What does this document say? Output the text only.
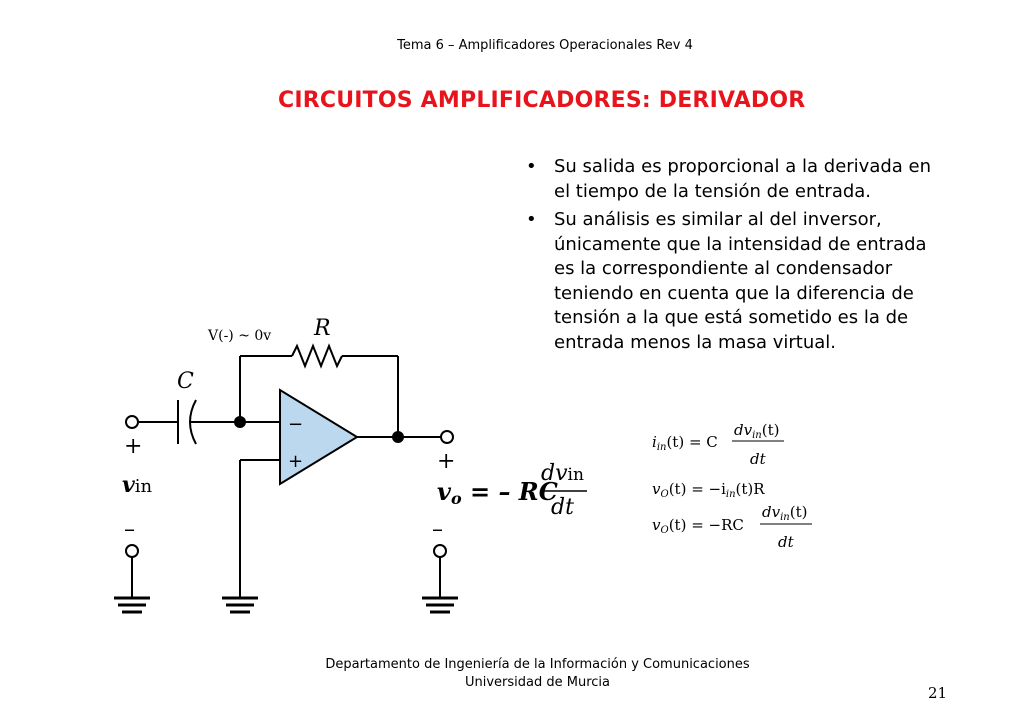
Tema 6 – Amplificadores Operacionales Rev 4
CIRCUITOS AMPLIFICADORES: DERIVADOR
• Su salida es proporcional a la derivada en el tiempo de la tensión de entrada.
• Su análisis es similar al del inversor, únicamente que la intensidad de entrada es la correspondiente al condensador teniendo en cuenta que la diferencia de tensión a la que está sometido es la de entrada menos la masa virtual.
V(-) ~ 0v R
C
−
+
+
–
vin
+
–
vo = – RC
dvin
dt
$dv_{in}(t)$
$i_{in}(t) = C$
dt
$v_O(t) = -i_{in}(t)R$
$dv_{in}(t)$
$v_O(t) = -RC$
dt
Departamento de Ingeniería de la Información y Comunicaciones
Universidad de Murcia
21
